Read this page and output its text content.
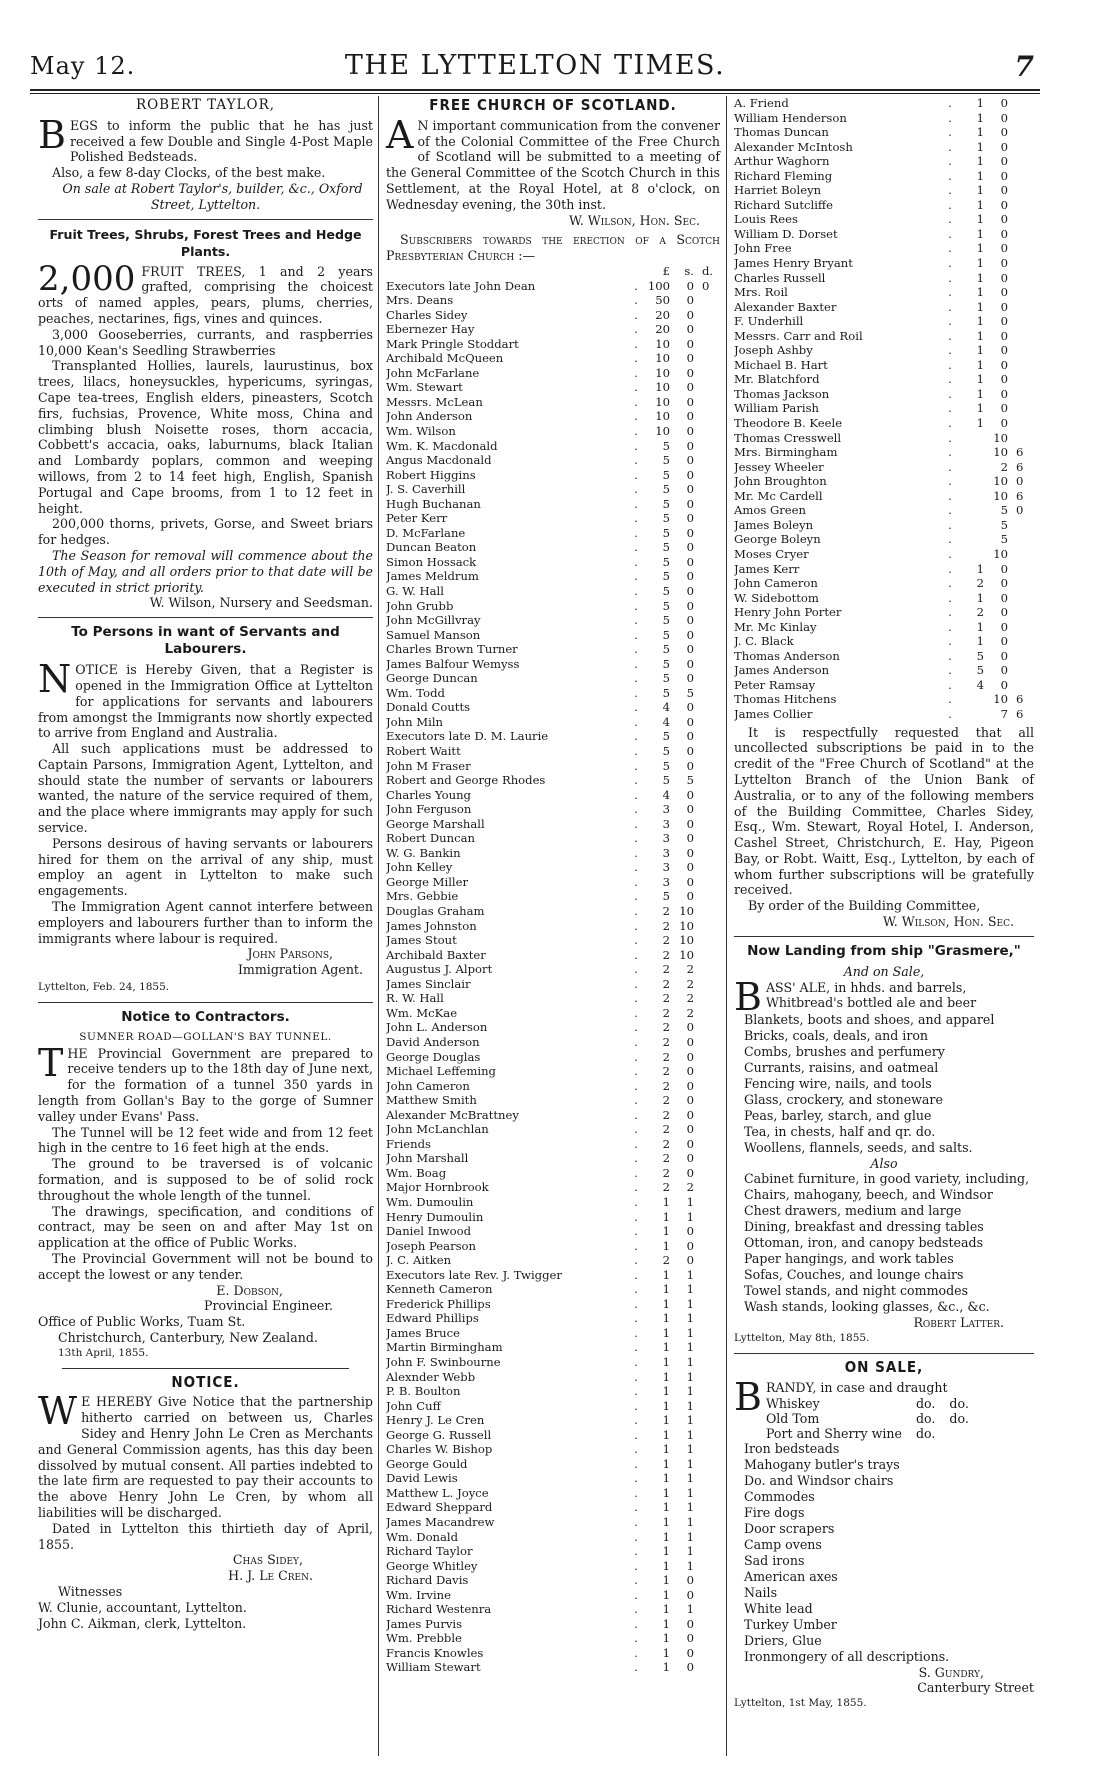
May 12.	THE LYTTELTON TIMES.	7
ROBERT TAYLOR,

BEGS to inform the public that he has just received a few Double and Single 4-Post Maple Polished Bedsteads.

Also, a few 8-day Clocks, of the best make.

On sale at Robert Taylor's, builder, &c., Oxford Street, Lyttelton.

Fruit Trees, Shrubs, Forest Trees and Hedge Plants.

2,000 FRUIT TREES, 1 and 2 years grafted, comprising the choicest orts of named apples, pears, plums, cherries, peaches, nectarines, figs, vines and quinces.

3,000 Gooseberries, currants, and raspberries 10,000 Kean's Seedling Strawberries

Transplanted Hollies, laurels, laurustinus, box trees, lilacs, honeysuckles, hypericums, syringas, Cape tea-trees, English elders, pineasters, Scotch firs, fuchsias, Provence, White moss, China and climbing blush Noisette roses, thorn accacia, Cobbett's accacia, oaks, laburnums, black Italian and Lombardy poplars, common and weeping willows, from 2 to 14 feet high, English, Spanish Portugal and Cape brooms, from 1 to 12 feet in height.

200,000 thorns, privets, Gorse, and Sweet briars for hedges.

The Season for removal will commence about the 10th of May, and all orders prior to that date will be executed in strict priority.

W. Wilson, Nursery and Seedsman.

To Persons in want of Servants and Labourers.

NOTICE is Hereby Given, that a Register is opened in the Immigration Office at Lyttelton for applications for servants and labourers from amongst the Immigrants now shortly expected to arrive from England and Australia.

All such applications must be addressed to Captain Parsons, Immigration Agent, Lyttelton, and should state the number of servants or labourers wanted, the nature of the service required of them, and the place where immigrants may apply for such service.

Persons desirous of having servants or labourers hired for them on the arrival of any ship, must employ an agent in Lyttelton to make such engagements.

The Immigration Agent cannot interfere between employers and labourers further than to inform the immigrants where labour is required.

John Parsons,

Immigration Agent.

Lyttelton, Feb. 24, 1855.

Notice to Contractors.
SUMNER ROAD—GOLLAN'S BAY TUNNEL.

THE Provincial Government are prepared to receive tenders up to the 18th day of June next, for the formation of a tunnel 350 yards in length from Gollan's Bay to the gorge of Sumner valley under Evans' Pass.

The Tunnel will be 12 feet wide and from 12 feet high in the centre to 16 feet high at the ends.

The ground to be traversed is of volcanic formation, and is supposed to be of solid rock throughout the whole length of the tunnel.

The drawings, specification, and conditions of contract, may be seen on and after May 1st on application at the office of Public Works.

The Provincial Government will not be bound to accept the lowest or any tender.

E. Dobson,

Provincial Engineer.

Office of Public Works, Tuam St.

Christchurch, Canterbury, New Zealand.

13th April, 1855.

NOTICE.

W E HEREBY Give Notice that the partnership hitherto carried on between us, Charles Sidey and Henry John Le Cren as Merchants and General Commission agents, has this day been dissolved by mutual consent. All parties indebted to the late firm are requested to pay their accounts to the above Henry John Le Cren, by whom all liabilities will be discharged.

Dated in Lyttelton this thirtieth day of April, 1855.

Chas Sidey,

H. J. Le Cren.

Witnesses

W. Clunie, accountant, Lyttelton.

John C. Aikman, clerk, Lyttelton.

FREE CHURCH OF SCOTLAND.

A N important communication from the convener of the Colonial Committee of the Free Church of Scotland will be submitted to a meeting of the General Committee of the Scotch Church in this Settlement, at the Royal Hotel, at 8 o'clock, on Wednesday evening, the 30th inst.

W. Wilson, Hon. Sec.

Subscribers towards the erection of a Scotch Presbyterian Church :—

		£	s.	d.
Executors late John Dean	.	100	0	0
Mrs. Deans	.	50	0	
Charles Sidey	.	20	0	
Ebernezer Hay	.	20	0	
Mark Pringle Stoddart	.	10	0	
Archibald McQueen	.	10	0	
John McFarlane	.	10	0	
Wm. Stewart	.	10	0	
Messrs. McLean	.	10	0	
John Anderson	.	10	0	
Wm. Wilson	.	10	0	
Wm. K. Macdonald	.	5	0	
Angus Macdonald	.	5	0	
Robert Higgins	.	5	0	
J. S. Caverhill	.	5	0	
Hugh Buchanan	.	5	0	
Peter Kerr	.	5	0	
D. McFarlane	.	5	0	
Duncan Beaton	.	5	0	
Simon Hossack	.	5	0	
James Meldrum	.	5	0	
G. W. Hall	.	5	0	
John Grubb	.	5	0	
John McGillvray	.	5	0	
Samuel Manson	.	5	0	
Charles Brown Turner	.	5	0	
James Balfour Wemyss	.	5	0	
George Duncan	.	5	0	
Wm. Todd	.	5	5	
Donald Coutts	.	4	0	
John Miln	.	4	0	
Executors late D. M. Laurie	.	5	0	
Robert Waitt	.	5	0	
John M Fraser	.	5	0	
Robert and George Rhodes	.	5	5	
Charles Young	.	4	0	
John Ferguson	.	3	0	
George Marshall	.	3	0	
Robert Duncan	.	3	0	
W. G. Bankin	.	3	0	
John Kelley	.	3	0	
George Miller	.	3	0	
Mrs. Gebbie	.	5	0	
Douglas Graham	.	2	10	
James Johnston	.	2	10	
James Stout	.	2	10	
Archibald Baxter	.	2	10	
Augustus J. Alport	.	2	2	
James Sinclair	.	2	2	
R. W. Hall	.	2	2	
Wm. McKae	.	2	2	
John L. Anderson	.	2	0	
David Anderson	.	2	0	
George Douglas	.	2	0	
Michael Leffeming	.	2	0	
John Cameron	.	2	0	
Matthew Smith	.	2	0	
Alexander McBrattney	.	2	0	
John McLanchlan	.	2	0	
Friends	.	2	0	
John Marshall	.	2	0	
Wm. Boag	.	2	0	
Major Hornbrook	.	2	2	
Wm. Dumoulin	.	1	1	
Henry Dumoulin	.	1	1	
Daniel Inwood	.	1	0	
Joseph Pearson	.	1	0	
J. C. Aitken	.	2	0	
Executors late Rev. J. Twigger	.	1	1	
Kenneth Cameron	.	1	1	
Frederick Phillips	.	1	1	
Edward Phillips	.	1	1	
James Bruce	.	1	1	
Martin Birmingham	.	1	1	
John F. Swinbourne	.	1	1	
Alexnder Webb	.	1	1	
P. B. Boulton	.	1	1	
John Cuff	.	1	1	
Henry J. Le Cren	.	1	1	
George G. Russell	.	1	1	
Charles W. Bishop	.	1	1	
George Gould	.	1	1	
David Lewis	.	1	1	
Matthew L. Joyce	.	1	1	
Edward Sheppard	.	1	1	
James Macandrew	.	1	1	
Wm. Donald	.	1	1	
Richard Taylor	.	1	1	
George Whitley	.	1	1	
Richard Davis	.	1	0	
Wm. Irvine	.	1	0	
Richard Westenra	.	1	1	
James Purvis	.	1	0	
Wm. Prebble	.	1	0	
Francis Knowles	.	1	0	
William Stewart	.	1	0	
A. Friend	.	1	0	
William Henderson	.	1	0	
Thomas Duncan	.	1	0	
Alexander McIntosh	.	1	0	
Arthur Waghorn	.	1	0	
Richard Fleming	.	1	0	
Harriet Boleyn	.	1	0	
Richard Sutcliffe	.	1	0	
Louis Rees	.	1	0	
William D. Dorset	.	1	0	
John Free	.	1	0	
James Henry Bryant	.	1	0	
Charles Russell	.	1	0	
Mrs. Roil	.	1	0	
Alexander Baxter	.	1	0	
F. Underhill	.	1	0	
Messrs. Carr and Roil	.	1	0	
Joseph Ashby	.	1	0	
Michael B. Hart	.	1	0	
Mr. Blatchford	.	1	0	
Thomas Jackson	.	1	0	
William Parish	.	1	0	
Theodore B. Keele	.	1	0	
Thomas Cresswell	.		10	
Mrs. Birmingham	.		10	6
Jessey Wheeler	.		2	6
John Broughton	.		10	0
Mr. Mc Cardell	.		10	6
Amos Green	.		5	0
James Boleyn	.		5	
George Boleyn	.		5	
Moses Cryer	.		10	
James Kerr	.	1	0	
John Cameron	.	2	0	
W. Sidebottom	.	1	0	
Henry John Porter	.	2	0	
Mr. Mc Kinlay	.	1	0	
J. C. Black	.	1	0	
Thomas Anderson	.	5	0	
James Anderson	.	5	0	
Peter Ramsay	.	4	0	
Thomas Hitchens	.		10	6
James Collier	.		7	6

It is respectfully requested that all uncollected subscriptions be paid in to the credit of the "Free Church of Scotland" at the Lyttelton Branch of the Union Bank of Australia, or to any of the following members of the Building Committee, Charles Sidey, Esq., Wm. Stewart, Royal Hotel, I. Anderson, Cashel Street, Christchurch, E. Hay, Pigeon Bay, or Robt. Waitt, Esq., Lyttelton, by each of whom further subscriptions will be gratefully received.

By order of the Building Committee,

W. Wilson, Hon. Sec.

Now Landing from ship "Grasmere,"
And on Sale,

BASS' ALE, in hhds. and barrels,

Whitbread's bottled ale and beer

Blankets, boots and shoes, and apparel
Bricks, coals, deals, and iron
Combs, brushes and perfumery
Currants, raisins, and oatmeal
Fencing wire, nails, and tools
Glass, crockery, and stoneware
Peas, barley, starch, and glue
Tea, in chests, half and qr. do.
Woollens, flannels, seeds, and salts.
Also
Cabinet furniture, in good variety, including, Chairs, mahogany, beech, and Windsor
Chest drawers, medium and large
Dining, breakfast and dressing tables
Ottoman, iron, and canopy bedsteads
Paper hangings, and work tables
Sofas, Couches, and lounge chairs
Towel stands, and night commodes
Wash stands, looking glasses, &c., &c.

Robert Latter.

Lyttelton, May 8th, 1855.

ON SALE,

BRANDY, in case and draught

Whiskey	do.	do.
Old Tom	do.	do.
Port and Sherry wine	do.	
Iron bedsteads
Mahogany butler's trays
Do. and Windsor chairs
Commodes
Fire dogs
Door scrapers
Camp ovens
Sad irons
American axes
Nails
White lead
Turkey Umber
Driers, Glue
Ironmongery of all descriptions.

S. Gundry,

Canterbury Street

Lyttelton, 1st May, 1855.
